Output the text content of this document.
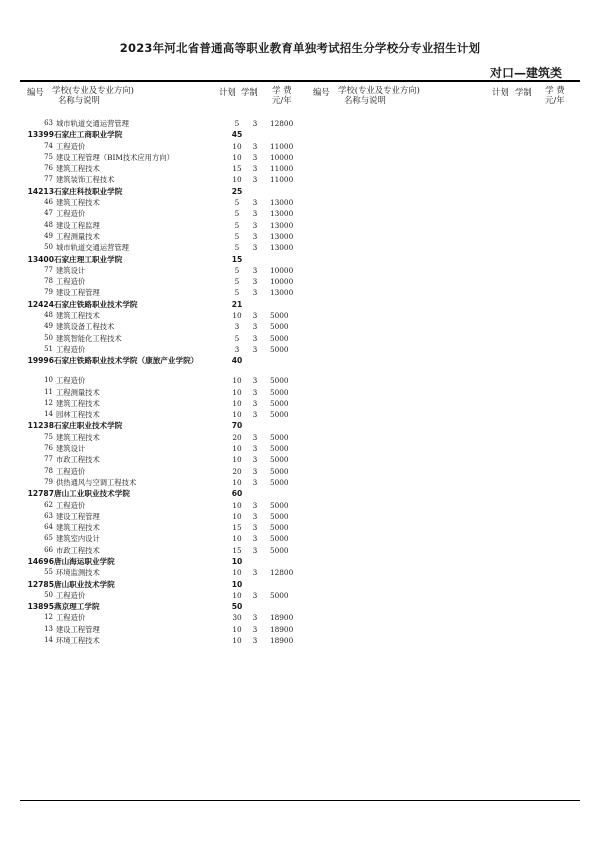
2023年河北省普通高等职业教育单独考试招生分学校分专业招生计划
对口—建筑类
编号 学校(专业及专业方向)
名称与说明
计划 学制 学 费
元/年
编号 学校(专业及专业方向)
名称与说明
计划 学制 学 费
元/年
63 城市轨道交通运营管理	5	3	12800
13399 石家庄工商职业学院	45
74 工程造价	10	3	11000
75 建设工程管理（BIM技术应用方向）	10	3	10000
76 建筑工程技术	15	3	11000
77 建筑装饰工程技术	10	3	11000
14213 石家庄科技职业学院	25
46 建筑工程技术	5	3	13000
47 工程造价	5	3	13000
48 建设工程监理	5	3	13000
49 工程测量技术	5	3	13000
50 城市轨道交通运营管理	5	3	13000
13400 石家庄理工职业学院	15
77 建筑设计	5	3	10000
78 工程造价	5	3	10000
79 建设工程管理	5	3	13000
12424 石家庄铁路职业技术学院	21
48 建筑工程技术	10	3	5000
49 建筑设备工程技术	3	3	5000
50 建筑智能化工程技术	5	3	5000
51 工程造价	3	3	5000
19996 石家庄铁路职业技术学院（康旅产业学院）	40
10 工程造价	10	3	5000
11 工程测量技术	10	3	5000
12 建筑工程技术	10	3	5000
14 园林工程技术	10	3	5000
11238 石家庄职业技术学院	70
75 建筑工程技术	20	3	5000
76 建筑设计	10	3	5000
77 市政工程技术	10	3	5000
78 工程造价	20	3	5000
79 供热通风与空调工程技术	10	3	5000
12787 唐山工业职业技术学院	60
62 工程造价	10	3	5000
63 建设工程管理	10	3	5000
64 建筑工程技术	15	3	5000
65 建筑室内设计	10	3	5000
66 市政工程技术	15	3	5000
14696 唐山海运职业学院	10
55 环境监测技术	10	3	12800
12785 唐山职业技术学院	10
50 工程造价	10	3	5000
13895 燕京理工学院	50
12 工程造价	30	3	18900
13 建设工程管理	10	3	18900
14 环境工程技术	10	3	18900
